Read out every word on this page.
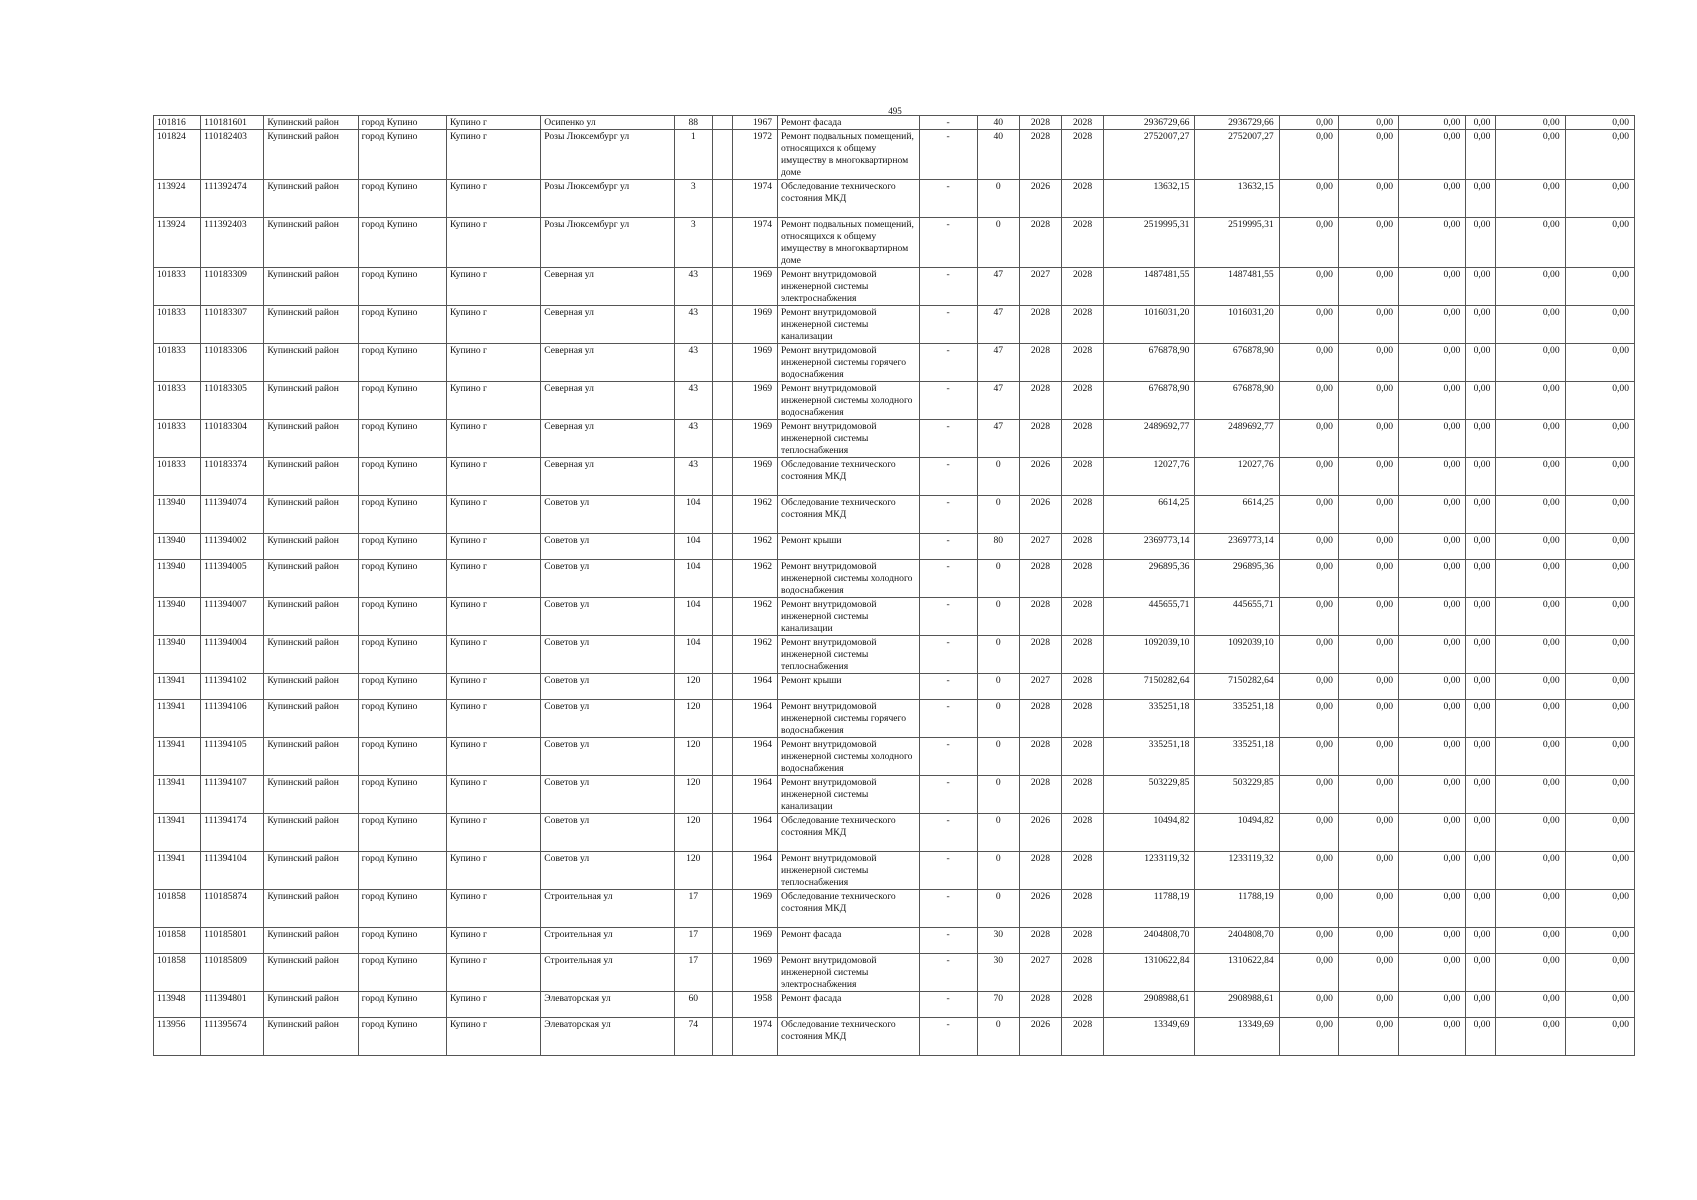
495
101816	110181601	Купинский район	город Купино	Купино г	Осипенко ул	88		1967	Ремонт фасада	-	40	2028	2028	2936729,66	2936729,66	0,00	0,00	0,00	0,00	0,00	0,00
101824	110182403	Купинский район	город Купино	Купино г	Розы Люксембург ул	1		1972	Ремонт подвальных помещений, относящихся к общему имуществу в многоквартирном доме	-	40	2028	2028	2752007,27	2752007,27	0,00	0,00	0,00	0,00	0,00	0,00
113924	111392474	Купинский район	город Купино	Купино г	Розы Люксембург ул	3		1974	Обследование технического состояния МКД	-	0	2026	2028	13632,15	13632,15	0,00	0,00	0,00	0,00	0,00	0,00
113924	111392403	Купинский район	город Купино	Купино г	Розы Люксембург ул	3		1974	Ремонт подвальных помещений, относящихся к общему имуществу в многоквартирном доме	-	0	2028	2028	2519995,31	2519995,31	0,00	0,00	0,00	0,00	0,00	0,00
101833	110183309	Купинский район	город Купино	Купино г	Северная ул	43		1969	Ремонт внутридомовой инженерной системы электроснабжения	-	47	2027	2028	1487481,55	1487481,55	0,00	0,00	0,00	0,00	0,00	0,00
101833	110183307	Купинский район	город Купино	Купино г	Северная ул	43		1969	Ремонт внутридомовой инженерной системы канализации	-	47	2028	2028	1016031,20	1016031,20	0,00	0,00	0,00	0,00	0,00	0,00
101833	110183306	Купинский район	город Купино	Купино г	Северная ул	43		1969	Ремонт внутридомовой инженерной системы горячего водоснабжения	-	47	2028	2028	676878,90	676878,90	0,00	0,00	0,00	0,00	0,00	0,00
101833	110183305	Купинский район	город Купино	Купино г	Северная ул	43		1969	Ремонт внутридомовой инженерной системы холодного водоснабжения	-	47	2028	2028	676878,90	676878,90	0,00	0,00	0,00	0,00	0,00	0,00
101833	110183304	Купинский район	город Купино	Купино г	Северная ул	43		1969	Ремонт внутридомовой инженерной системы теплоснабжения	-	47	2028	2028	2489692,77	2489692,77	0,00	0,00	0,00	0,00	0,00	0,00
101833	110183374	Купинский район	город Купино	Купино г	Северная ул	43		1969	Обследование технического состояния МКД	-	0	2026	2028	12027,76	12027,76	0,00	0,00	0,00	0,00	0,00	0,00
113940	111394074	Купинский район	город Купино	Купино г	Советов ул	104		1962	Обследование технического состояния МКД	-	0	2026	2028	6614,25	6614,25	0,00	0,00	0,00	0,00	0,00	0,00
113940	111394002	Купинский район	город Купино	Купино г	Советов ул	104		1962	Ремонт крыши	-	80	2027	2028	2369773,14	2369773,14	0,00	0,00	0,00	0,00	0,00	0,00
113940	111394005	Купинский район	город Купино	Купино г	Советов ул	104		1962	Ремонт внутридомовой инженерной системы холодного водоснабжения	-	0	2028	2028	296895,36	296895,36	0,00	0,00	0,00	0,00	0,00	0,00
113940	111394007	Купинский район	город Купино	Купино г	Советов ул	104		1962	Ремонт внутридомовой инженерной системы канализации	-	0	2028	2028	445655,71	445655,71	0,00	0,00	0,00	0,00	0,00	0,00
113940	111394004	Купинский район	город Купино	Купино г	Советов ул	104		1962	Ремонт внутридомовой инженерной системы теплоснабжения	-	0	2028	2028	1092039,10	1092039,10	0,00	0,00	0,00	0,00	0,00	0,00
113941	111394102	Купинский район	город Купино	Купино г	Советов ул	120		1964	Ремонт крыши	-	0	2027	2028	7150282,64	7150282,64	0,00	0,00	0,00	0,00	0,00	0,00
113941	111394106	Купинский район	город Купино	Купино г	Советов ул	120		1964	Ремонт внутридомовой инженерной системы горячего водоснабжения	-	0	2028	2028	335251,18	335251,18	0,00	0,00	0,00	0,00	0,00	0,00
113941	111394105	Купинский район	город Купино	Купино г	Советов ул	120		1964	Ремонт внутридомовой инженерной системы холодного водоснабжения	-	0	2028	2028	335251,18	335251,18	0,00	0,00	0,00	0,00	0,00	0,00
113941	111394107	Купинский район	город Купино	Купино г	Советов ул	120		1964	Ремонт внутридомовой инженерной системы канализации	-	0	2028	2028	503229,85	503229,85	0,00	0,00	0,00	0,00	0,00	0,00
113941	111394174	Купинский район	город Купино	Купино г	Советов ул	120		1964	Обследование технического состояния МКД	-	0	2026	2028	10494,82	10494,82	0,00	0,00	0,00	0,00	0,00	0,00
113941	111394104	Купинский район	город Купино	Купино г	Советов ул	120		1964	Ремонт внутридомовой инженерной системы теплоснабжения	-	0	2028	2028	1233119,32	1233119,32	0,00	0,00	0,00	0,00	0,00	0,00
101858	110185874	Купинский район	город Купино	Купино г	Строительная ул	17		1969	Обследование технического состояния МКД	-	0	2026	2028	11788,19	11788,19	0,00	0,00	0,00	0,00	0,00	0,00
101858	110185801	Купинский район	город Купино	Купино г	Строительная ул	17		1969	Ремонт фасада	-	30	2028	2028	2404808,70	2404808,70	0,00	0,00	0,00	0,00	0,00	0,00
101858	110185809	Купинский район	город Купино	Купино г	Строительная ул	17		1969	Ремонт внутридомовой инженерной системы электроснабжения	-	30	2027	2028	1310622,84	1310622,84	0,00	0,00	0,00	0,00	0,00	0,00
113948	111394801	Купинский район	город Купино	Купино г	Элеваторская ул	60		1958	Ремонт фасада	-	70	2028	2028	2908988,61	2908988,61	0,00	0,00	0,00	0,00	0,00	0,00
113956	111395674	Купинский район	город Купино	Купино г	Элеваторская ул	74		1974	Обследование технического состояния МКД	-	0	2026	2028	13349,69	13349,69	0,00	0,00	0,00	0,00	0,00	0,00
